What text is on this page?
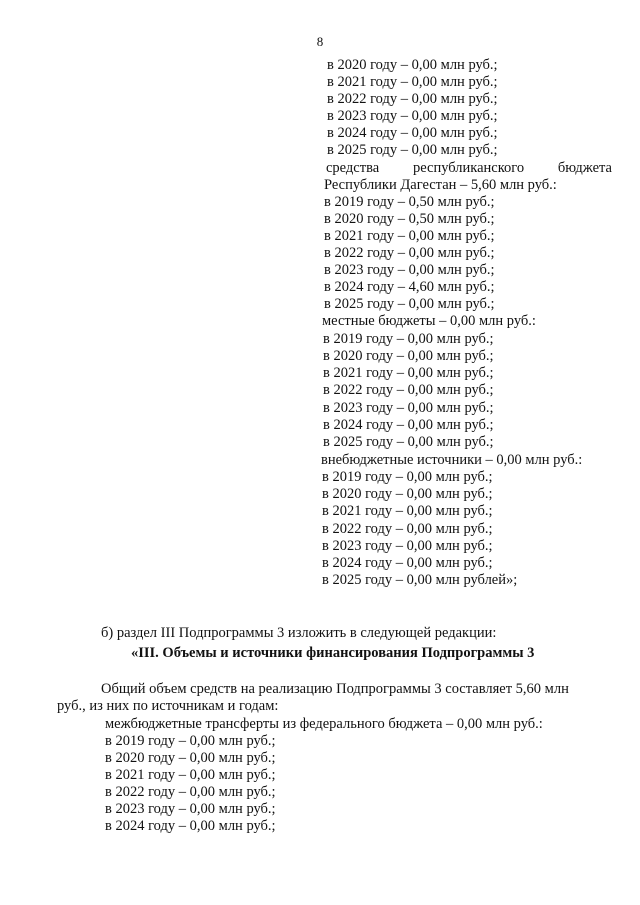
8
в 2020 году – 0,00 млн руб.;
в 2021 году – 0,00 млн руб.;
в 2022 году – 0,00 млн руб.;
в 2023 году – 0,00 млн руб.;
в 2024 году – 0,00 млн руб.;
в 2025 году – 0,00 млн руб.;
средства республиканского бюджета
Республики Дагестан – 5,60 млн руб.:
в 2019 году – 0,50 млн руб.;
в 2020 году – 0,50 млн руб.;
в 2021 году – 0,00 млн руб.;
в 2022 году – 0,00 млн руб.;
в 2023 году – 0,00 млн руб.;
в 2024 году – 4,60 млн руб.;
в 2025 году – 0,00 млн руб.;
местные бюджеты – 0,00 млн руб.:
в 2019 году – 0,00 млн руб.;
в 2020 году – 0,00 млн руб.;
в 2021 году – 0,00 млн руб.;
в 2022 году – 0,00 млн руб.;
в 2023 году – 0,00 млн руб.;
в 2024 году – 0,00 млн руб.;
в 2025 году – 0,00 млн руб.;
внебюджетные источники – 0,00 млн руб.:
в 2019 году – 0,00 млн руб.;
в 2020 году – 0,00 млн руб.;
в 2021 году – 0,00 млн руб.;
в 2022 году – 0,00 млн руб.;
в 2023 году – 0,00 млн руб.;
в 2024 году – 0,00 млн руб.;
в 2025 году – 0,00 млн рублей»;
б) раздел III Подпрограммы 3 изложить в следующей редакции:
«III. Объемы и источники финансирования Подпрограммы 3
Общий объем средств на реализацию Подпрограммы 3 составляет 5,60 млн
руб., из них по источникам и годам:
межбюджетные трансферты из федерального бюджета – 0,00 млн руб.:
в 2019 году – 0,00 млн руб.;
в 2020 году – 0,00 млн руб.;
в 2021 году – 0,00 млн руб.;
в 2022 году – 0,00 млн руб.;
в 2023 году – 0,00 млн руб.;
в 2024 году – 0,00 млн руб.;
